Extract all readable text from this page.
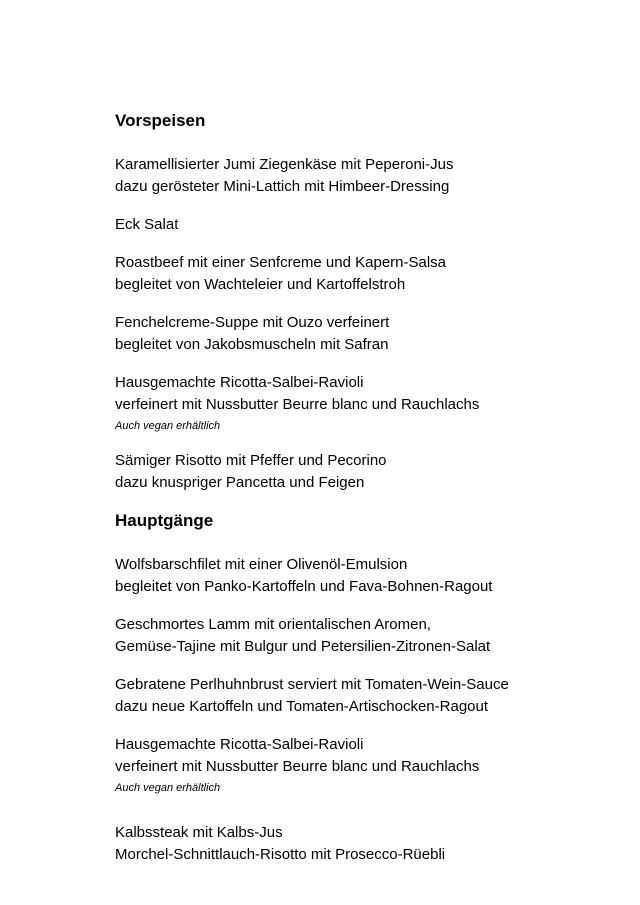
Vorspeisen
Karamellisierter Jumi Ziegenkäse mit Peperoni-Jus
dazu gerösteter Mini-Lattich mit Himbeer-Dressing
Eck Salat
Roastbeef mit einer Senfcreme und Kapern-Salsa
begleitet von Wachteleier und Kartoffelstroh
Fenchelcreme-Suppe mit Ouzo verfeinert
begleitet von Jakobsmuscheln mit Safran
Hausgemachte Ricotta-Salbei-Ravioli
verfeinert mit Nussbutter Beurre blanc und Rauchlachs
Auch vegan erhältlich
Sämiger Risotto mit Pfeffer und Pecorino
dazu knuspriger Pancetta und Feigen
Hauptgänge
Wolfsbarschfilet mit einer Olivenöl-Emulsion
begleitet von Panko-Kartoffeln und Fava-Bohnen-Ragout
Geschmortes Lamm mit orientalischen Aromen,
Gemüse-Tajine mit Bulgur und Petersilien-Zitronen-Salat
Gebratene Perlhuhnbrust serviert mit Tomaten-Wein-Sauce
dazu neue Kartoffeln und Tomaten-Artischocken-Ragout
Hausgemachte Ricotta-Salbei-Ravioli
verfeinert mit Nussbutter Beurre blanc und Rauchlachs
Auch vegan erhältlich
Kalbssteak mit Kalbs-Jus
Morchel-Schnittlauch-Risotto mit Prosecco-Rüebli
